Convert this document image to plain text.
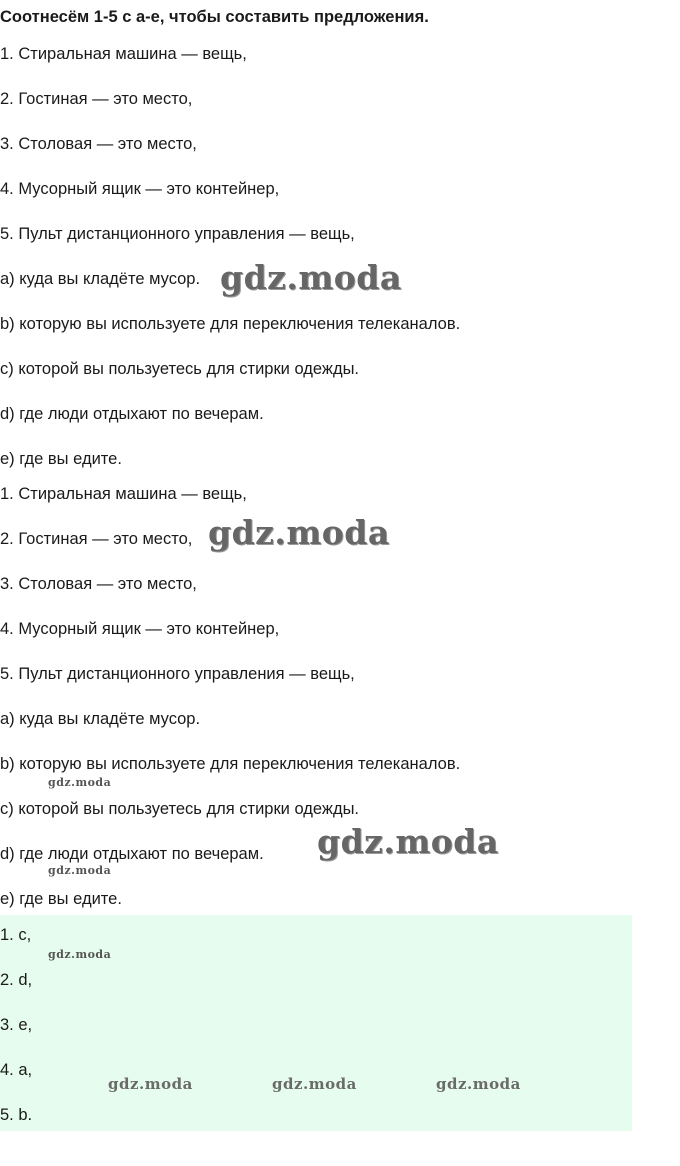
Соотнесём 1-5 с a-e, чтобы составить предложения.
1. Стиральная машина — вещь,
2. Гостиная — это место,
3. Столовая — это место,
4. Мусорный ящик — это контейнер,
5. Пульт дистанционного управления — вещь,
a) куда вы кладёте мусор.
b) которую вы используете для переключения телеканалов.
c) которой вы пользуетесь для стирки одежды.
d) где люди отдыхают по вечерам.
e) где вы едите.
1. Стиральная машина — вещь,
2. Гостиная — это место,
3. Столовая — это место,
4. Мусорный ящик — это контейнер,
5. Пульт дистанционного управления — вещь,
a) куда вы кладёте мусор.
b) которую вы используете для переключения телеканалов.
c) которой вы пользуетесь для стирки одежды.
d) где люди отдыхают по вечерам.
e) где вы едите.
1. c,
2. d,
3. e,
4. a,
5. b.
gdz.moda
gdz.moda
gdz.moda
gdz.moda
gdz.moda
gdz.moda
gdz.moda	gdz.moda	gdz.moda
